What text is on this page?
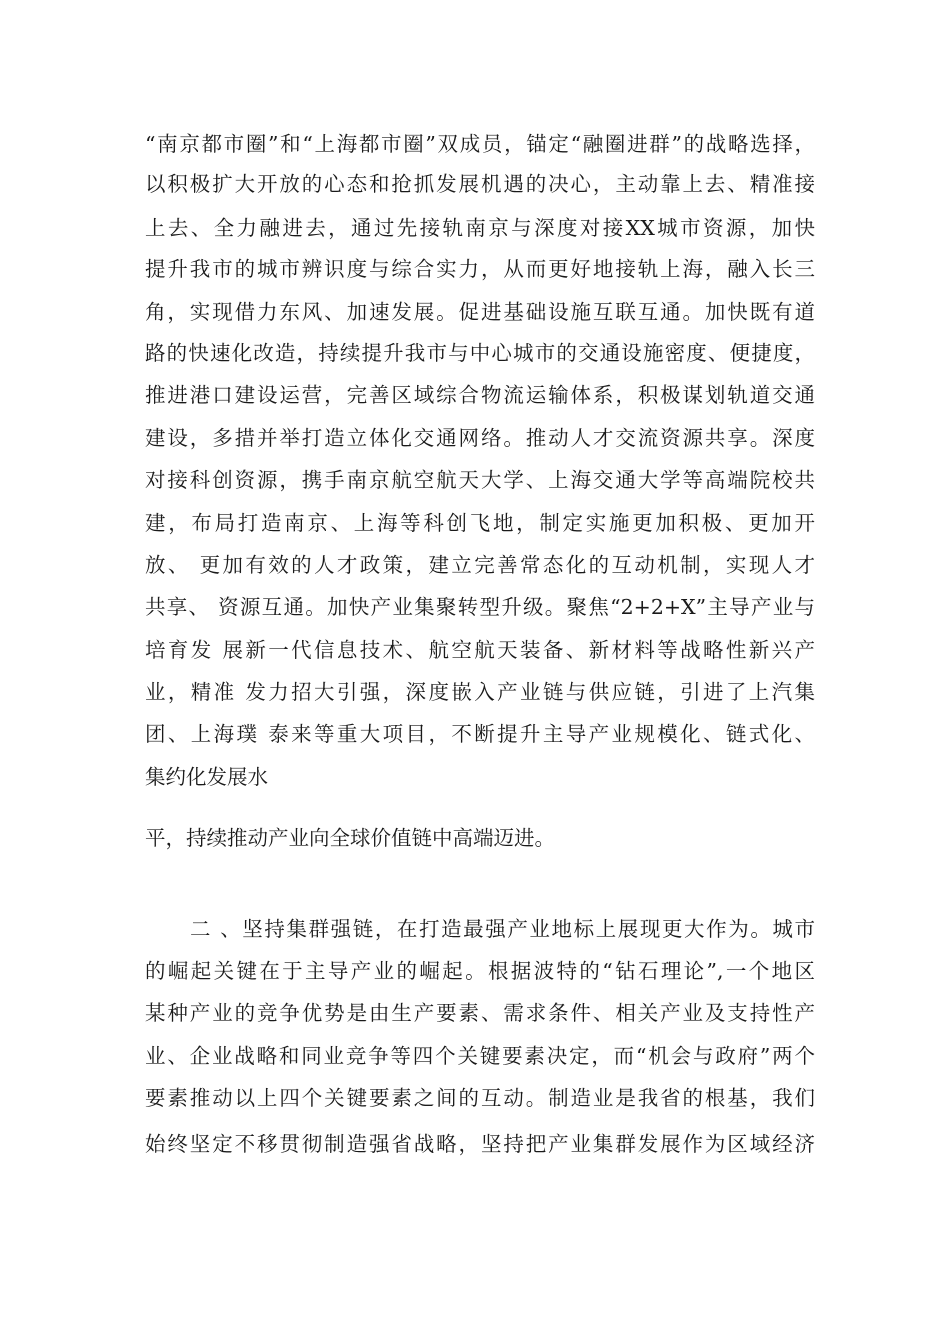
“南京都市圈”和“上海都市圈”双成员，锚定“融圈进群”的战略选择，
以积极扩大开放的心态和抢抓发展机遇的决心，主动靠上去、精准接
上去、全力融进去，通过先接轨南京与深度对接XX城市资源，加快
提升我市的城市辨识度与综合实力，从而更好地接轨上海，融入长三
角，实现借力东风、加速发展。促进基础设施互联互通。加快既有道
路的快速化改造，持续提升我市与中心城市的交通设施密度、便捷度，
推进港口建设运营，完善区域综合物流运输体系，积极谋划轨道交通
建设，多措并举打造立体化交通网络。推动人才交流资源共享。深度
对接科创资源，携手南京航空航天大学、上海交通大学等高端院校共
建，布局打造南京、上海等科创飞地，制定实施更加积极、更加开
放、 更加有效的人才政策，建立完善常态化的互动机制，实现人才
共享、 资源互通。加快产业集聚转型升级。聚焦“2+2+X”主导产业与
培育发 展新一代信息技术、航空航天装备、新材料等战略性新兴产
业，精准 发力招大引强，深度嵌入产业链与供应链，引进了上汽集
团、上海璞 泰来等重大项目，不断提升主导产业规模化、链式化、
集约化发展水
平，持续推动产业向全球价值链中高端迈进。
二 、坚持集群强链，在打造最强产业地标上展现更大作为。城市
的崛起关键在于主导产业的崛起。根据波特的“钻石理论”,一个地区
某种产业的竞争优势是由生产要素、需求条件、相关产业及支持性产
业、企业战略和同业竞争等四个关键要素决定，而“机会与政府”两个
要素推动以上四个关键要素之间的互动。制造业是我省的根基，我们
始终坚定不移贯彻制造强省战略，坚持把产业集群发展作为区域经济
